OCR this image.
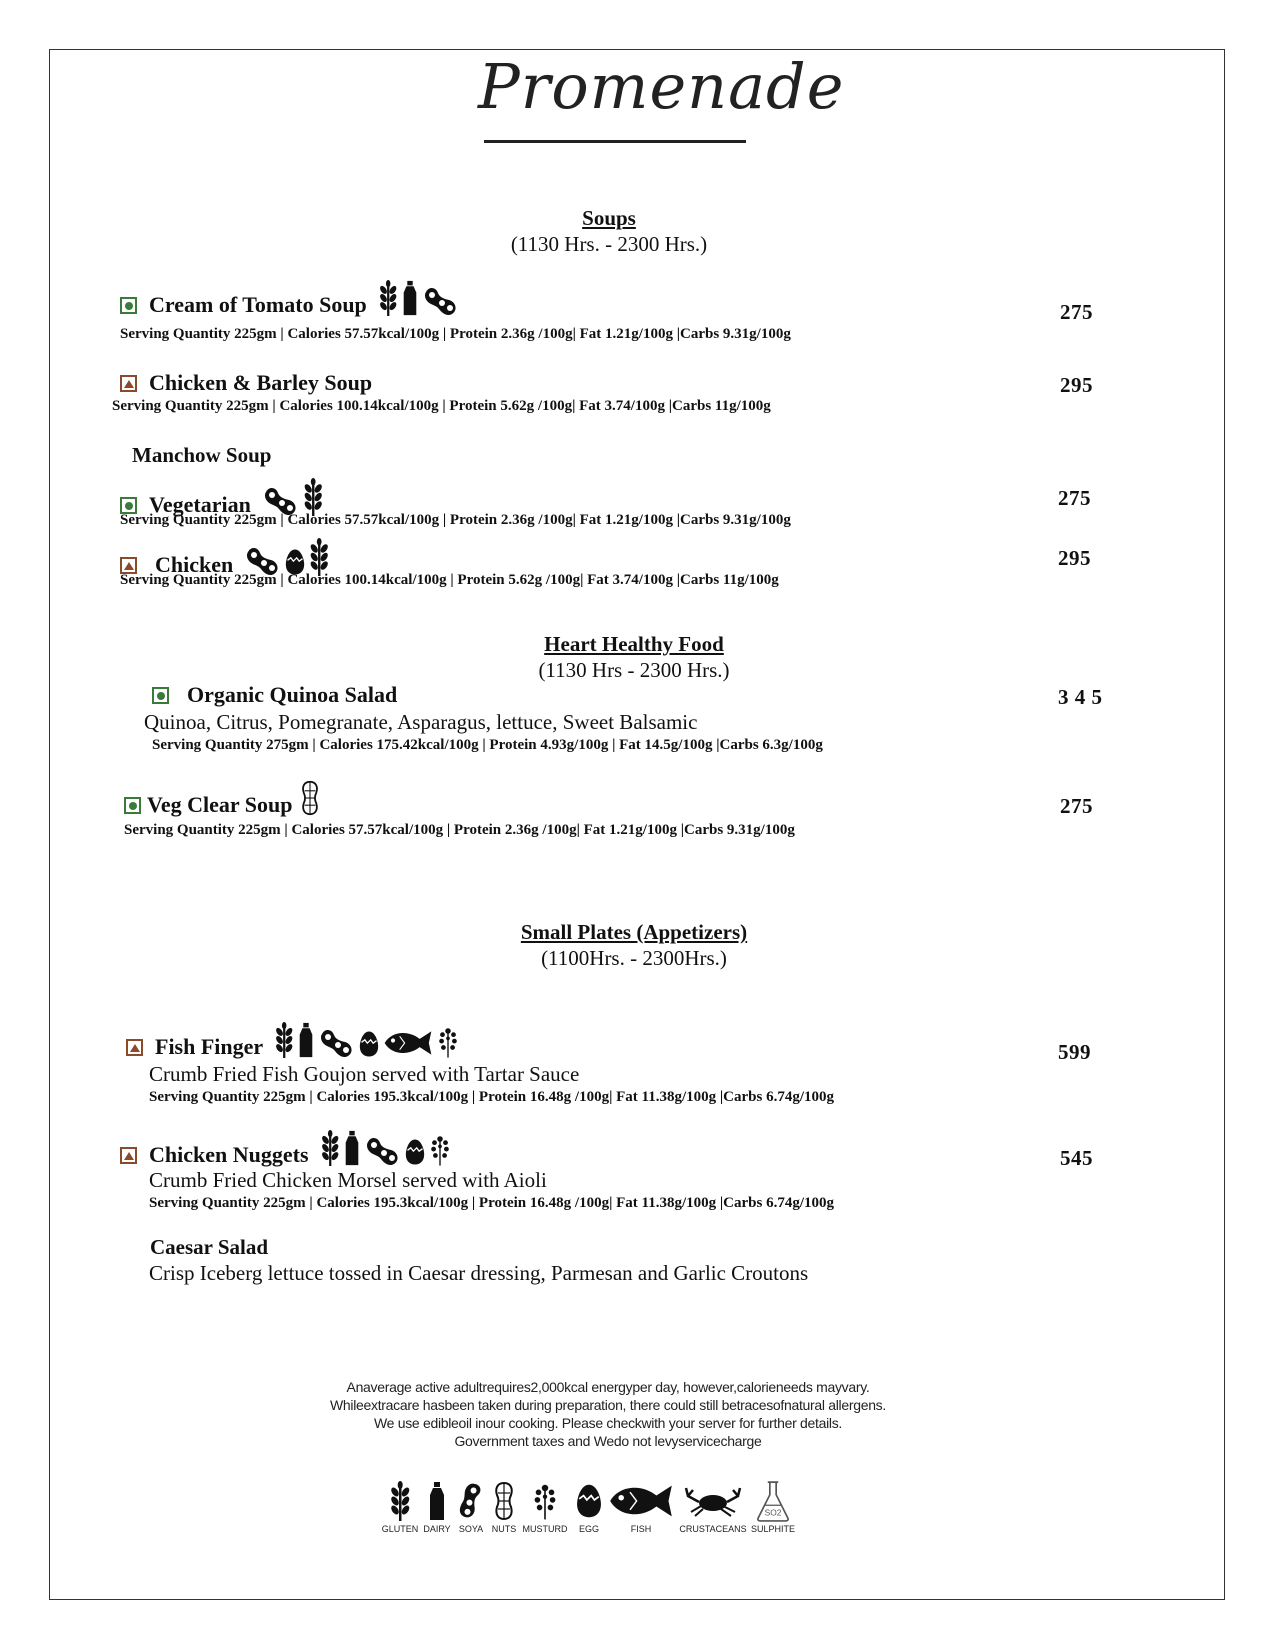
Promenade
Soups
(1130 Hrs. - 2300 Hrs.)
Cream of Tomato Soup	275
Serving Quantity 225gm | Calories 57.57kcal/100g | Protein 2.36g /100g| Fat 1.21g/100g |Carbs 9.31g/100g
Chicken & Barley Soup	295
Serving Quantity 225gm | Calories 100.14kcal/100g | Protein 5.62g /100g| Fat 3.74/100g |Carbs 11g/100g
Manchow Soup
Vegetarian	275
Serving Quantity 225gm | Calories 57.57kcal/100g | Protein 2.36g /100g| Fat 1.21g/100g |Carbs 9.31g/100g
Chicken	295
Serving Quantity 225gm | Calories 100.14kcal/100g | Protein 5.62g /100g| Fat 3.74/100g |Carbs 11g/100g
Heart Healthy Food
(1130 Hrs - 2300 Hrs.)
Organic Quinoa Salad	3 4 5
Quinoa, Citrus, Pomegranate, Asparagus, lettuce, Sweet Balsamic
Serving Quantity 275gm | Calories 175.42kcal/100g | Protein 4.93g/100g | Fat 14.5g/100g |Carbs 6.3g/100g
Veg Clear Soup	275
Serving Quantity 225gm | Calories 57.57kcal/100g | Protein 2.36g /100g| Fat 1.21g/100g |Carbs 9.31g/100g
Small Plates (Appetizers)
(1100Hrs. - 2300Hrs.)
Fish Finger	599
Crumb Fried Fish Goujon served with Tartar Sauce
Serving Quantity 225gm | Calories 195.3kcal/100g | Protein 16.48g /100g| Fat 11.38g/100g |Carbs 6.74g/100g
Chicken Nuggets	545
Crumb Fried Chicken Morsel served with Aioli
Serving Quantity 225gm | Calories 195.3kcal/100g | Protein 16.48g /100g| Fat 11.38g/100g |Carbs 6.74g/100g
Caesar Salad
Crisp Iceberg lettuce tossed in Caesar dressing, Parmesan and Garlic Croutons
Anaverage active adultrequires2,000kcal energyper day, however,calorieneeds mayvary.
Whileextracare hasbeen taken during preparation, there could still betracesofnatural allergens.
We use edibleoil inour cooking. Please checkwith your server for further details.
Government taxes and Wedo not levyservicecharge
GLUTEN DAIRY SOYA NUTS MUSTURD	EGG	FISH	CRUSTACEANS
SO2
SULPHITE
